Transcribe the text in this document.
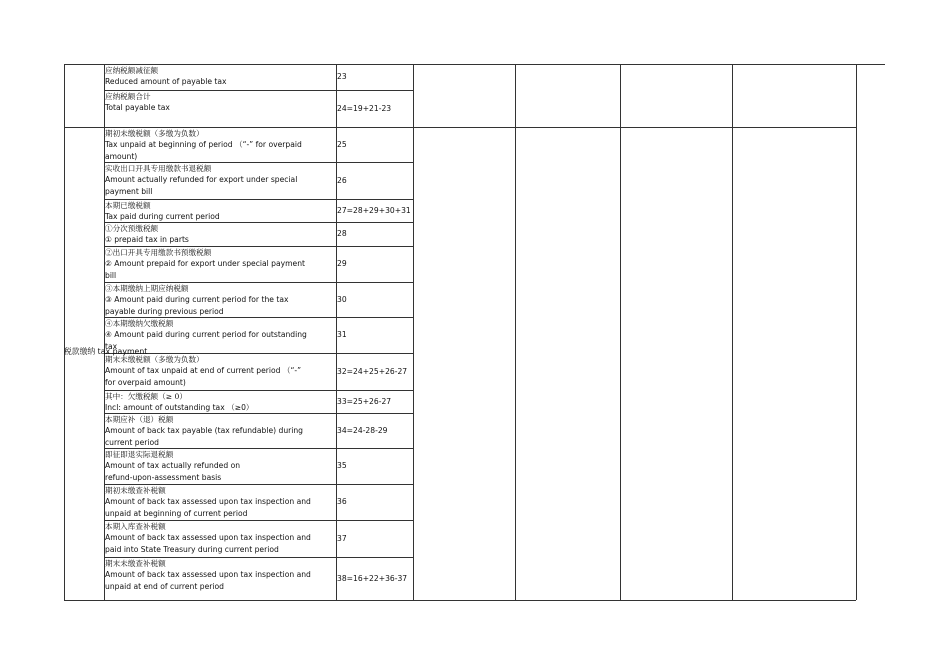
税款缴纳 tax payment
应纳税额减征额
Reduced amount of payable tax
23
应纳税额合计
Total payable tax	24=19+21-23
期初未缴税额（多缴为负数）
Tax unpaid at beginning of period （“-” for overpaid
amount)
25
实收出口开具专用缴款书退税额
Amount actually refunded for export under special
payment bill
26
本期已缴税额
Tax paid during current period
27=28+29+30+31
①分次预缴税额
① prepaid tax in parts
28
②出口开具专用缴款书预缴税额
② Amount prepaid for export under special payment
bill
29
③本期缴纳上期应纳税额
③ Amount paid during current period for the tax
payable during previous period
30
④本期缴纳欠缴税额
④ Amount paid during current period for outstanding
tax
31
期末未缴税额（多缴为负数）
Amount of tax unpaid at end of current period （“-”
for overpaid amount)
32=24+25+26-27
其中：欠缴税额（≥ 0）
Incl: amount of outstanding tax （≥0）
33=25+26-27
本期应补（退）税额
Amount of back tax payable (tax refundable) during
current period
34=24-28-29
即征即退实际退税额
Amount of tax actually refunded on
refund-upon-assessment basis
35
期初未缴查补税额
Amount of back tax assessed upon tax inspection and
unpaid at beginning of current period
36
本期入库查补税额
Amount of back tax assessed upon tax inspection and
paid into State Treasury during current period
37
期末未缴查补税额
Amount of back tax assessed upon tax inspection and
unpaid at end of current period
38=16+22+36-37
